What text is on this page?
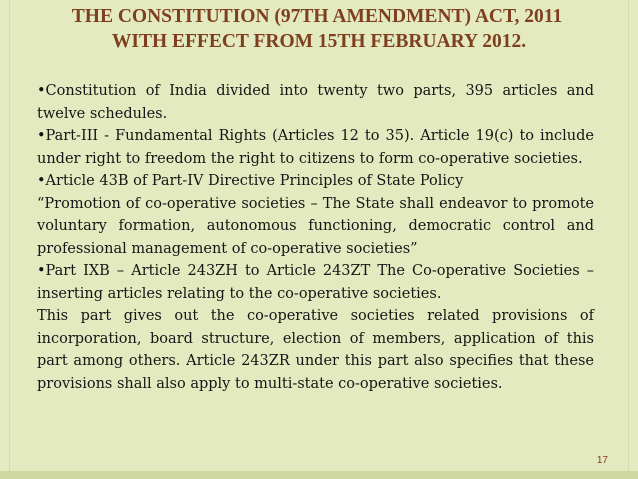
THE CONSTITUTION (97TH AMENDMENT) ACT, 2011
WITH EFFECT FROM 15TH FEBRUARY 2012.

•Constitution of India divided into twenty two parts, 395 articles and twelve schedules.

•Part-III - Fundamental Rights (Articles 12 to 35). Article 19(c) to include under right to freedom the right to citizens to form co-operative societies.

•Article 43B of Part-IV Directive Principles of State Policy

“Promotion of co-operative societies – The State shall endeavor to promote voluntary formation, autonomous functioning, democratic control and professional management of co-operative societies”

•Part IXB – Article 243ZH to Article 243ZT The Co-operative Societies – inserting articles relating to the co-operative societies.

This part gives out the co-operative societies related provisions of incorporation, board structure, election of members, application of this part among others. Article 243ZR under this part also specifies that these provisions shall also apply to multi-state co-operative societies.

17
